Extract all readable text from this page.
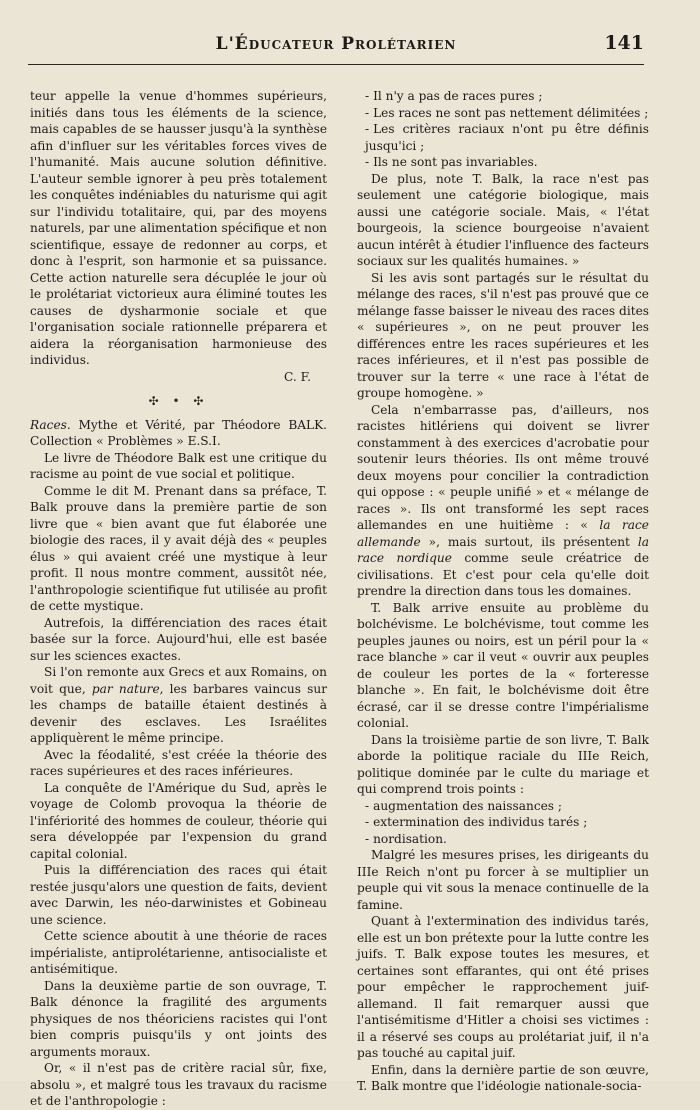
L'Éducateur Prolétarien	141

teur appelle la venue d'hommes supérieurs, initiés dans tous les éléments de la science, mais capables de se hausser jusqu'à la synthèse afin d'influer sur les véritables forces vives de l'humanité. Mais aucune solution définitive. L'auteur semble ignorer à peu près totalement les conquêtes indéniables du naturisme qui agit sur l'individu totalitaire, qui, par des moyens naturels, par une alimentation spécifique et non scientifique, essaye de redonner au corps, et donc à l'esprit, son harmonie et sa puissance. Cette action naturelle sera décuplée le jour où le prolétariat victorieux aura éliminé toutes les causes de dysharmonie sociale et que l'organisation sociale rationnelle préparera et aidera la réorganisation harmonieuse des individus.

C. F.

✣ • ✣

Races. Mythe et Vérité, par Théodore BALK. Collection « Problèmes » E.S.I.

Le livre de Théodore Balk est une critique du racisme au point de vue social et politique.

Comme le dit M. Prenant dans sa préface, T. Balk prouve dans la première partie de son livre que « bien avant que fut élaborée une biologie des races, il y avait déjà des « peuples élus » qui avaient créé une mystique à leur profit. Il nous montre comment, aussitôt née, l'anthropologie scientifique fut utilisée au profit de cette mystique.

Autrefois, la différenciation des races était basée sur la force. Aujourd'hui, elle est basée sur les sciences exactes.

Si l'on remonte aux Grecs et aux Romains, on voit que, par nature, les barbares vaincus sur les champs de bataille étaient destinés à devenir des esclaves. Les Israélites appliquèrent le même principe.

Avec la féodalité, s'est créée la théorie des races supérieures et des races inférieures.

La conquête de l'Amérique du Sud, après le voyage de Colomb provoqua la théorie de l'infériorité des hommes de couleur, théorie qui sera développée par l'expension du grand capital colonial.

Puis la différenciation des races qui était restée jusqu'alors une question de faits, devient avec Darwin, les néo-darwinistes et Gobineau une science.

Cette science aboutit à une théorie de races impérialiste, antiprolétarienne, antisocialiste et antisémitique.

Dans la deuxième partie de son ouvrage, T. Balk dénonce la fragilité des arguments physiques de nos théoriciens racistes qui l'ont bien compris puisqu'ils y ont joints des arguments moraux.

Or, « il n'est pas de critère racial sûr, fixe, absolu », et malgré tous les travaux du racisme et de l'anthropologie :

- Il n'y a pas de races pures ;
- Les races ne sont pas nettement délimitées ;
- Les critères raciaux n'ont pu être définis jusqu'ici ;
- Ils ne sont pas invariables.

De plus, note T. Balk, la race n'est pas seulement une catégorie biologique, mais aussi une catégorie sociale. Mais, « l'état bourgeois, la science bourgeoise n'avaient aucun intérêt à étudier l'influence des facteurs sociaux sur les qualités humaines. »

Si les avis sont partagés sur le résultat du mélange des races, s'il n'est pas prouvé que ce mélange fasse baisser le niveau des races dites « supérieures », on ne peut prouver les différences entre les races supérieures et les races inférieures, et il n'est pas possible de trouver sur la terre « une race à l'état de groupe homogène. »

Cela n'embarrasse pas, d'ailleurs, nos racistes hitlériens qui doivent se livrer constamment à des exercices d'acrobatie pour soutenir leurs théories. Ils ont même trouvé deux moyens pour concilier la contradiction qui oppose : « peuple unifié » et « mélange de races ». Ils ont transformé les sept races allemandes en une huitième : « la race allemande », mais surtout, ils présentent la race nordique comme seule créatrice de civilisations. Et c'est pour cela qu'elle doit prendre la direction dans tous les domaines.

T. Balk arrive ensuite au problème du bolchévisme. Le bolchévisme, tout comme les peuples jaunes ou noirs, est un péril pour la « race blanche » car il veut « ouvrir aux peuples de couleur les portes de la « forteresse blanche ». En fait, le bolchévisme doit être écrasé, car il se dresse contre l'impérialisme colonial.

Dans la troisième partie de son livre, T. Balk aborde la politique raciale du IIIe Reich, politique dominée par le culte du mariage et qui comprend trois points :

- augmentation des naissances ;
- extermination des individus tarés ;
- nordisation.

Malgré les mesures prises, les dirigeants du IIIe Reich n'ont pu forcer à se multiplier un peuple qui vit sous la menace continuelle de la famine.

Quant à l'extermination des individus tarés, elle est un bon prétexte pour la lutte contre les juifs. T. Balk expose toutes les mesures, et certaines sont effarantes, qui ont été prises pour empêcher le rapprochement juif-allemand. Il fait remarquer aussi que l'antisémitisme d'Hitler a choisi ses victimes : il a réservé ses coups au prolétariat juif, il n'a pas touché au capital juif.

Enfin, dans la dernière partie de son œuvre, T. Balk montre que l'idéologie nationale-socia-
